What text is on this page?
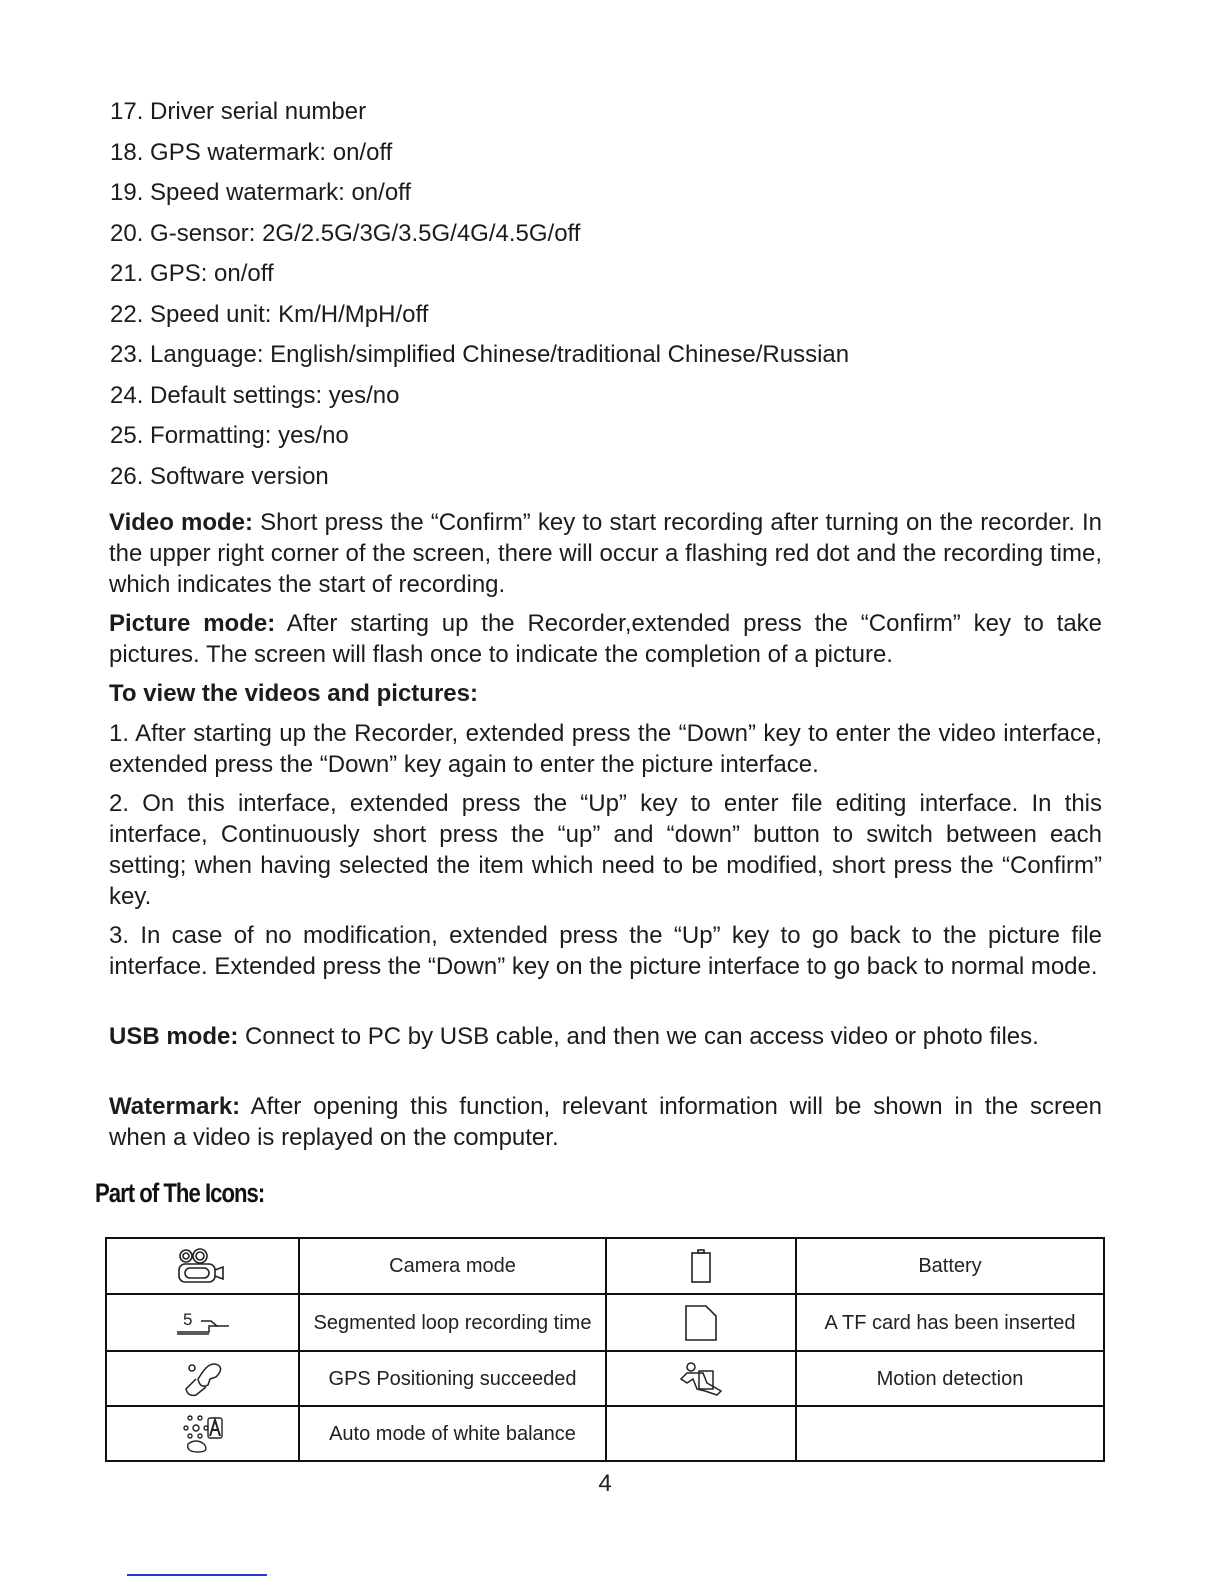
17. Driver serial number
18. GPS watermark: on/off
19. Speed watermark: on/off
20. G-sensor: 2G/2.5G/3G/3.5G/4G/4.5G/off
21. GPS: on/off
22. Speed unit: Km/H/MpH/off
23. Language: English/simplified Chinese/traditional Chinese/Russian
24. Default settings: yes/no
25. Formatting: yes/no
26. Software version

Video mode: Short press the “Confirm” key to start recording after turning on the recorder. In the upper right corner of the screen, there will occur a flashing red dot and the recording time, which indicates the start of recording.

Picture mode: After starting up the Recorder,extended press the “Confirm” key to take pictures. The screen will flash once to indicate the completion of a picture.

To view the videos and pictures:

1. After starting up the Recorder, extended press the “Down” key to enter the video interface, extended press the “Down” key again to enter the picture interface.

2. On this interface, extended press the “Up” key to enter file editing interface. In this interface, Continuously short press the “up” and “down” button to switch between each setting; when having selected the item which need to be modified, short press the “Confirm” key.

3. In case of no modification, extended press the “Up” key to go back to the picture file interface. Extended press the “Down” key on the picture interface to go back to normal mode.

USB mode: Connect to PC by USB cable, and then we can access video or photo files.

Watermark: After opening this function, relevant information will be shown in the screen when a video is replayed on the computer.

Part of The Icons:
	Camera mode		Battery

5	Segmented loop recording time		A TF card has been inserted

	GPS Positioning succeeded		Motion detection

	Auto mode of white balance		
4
